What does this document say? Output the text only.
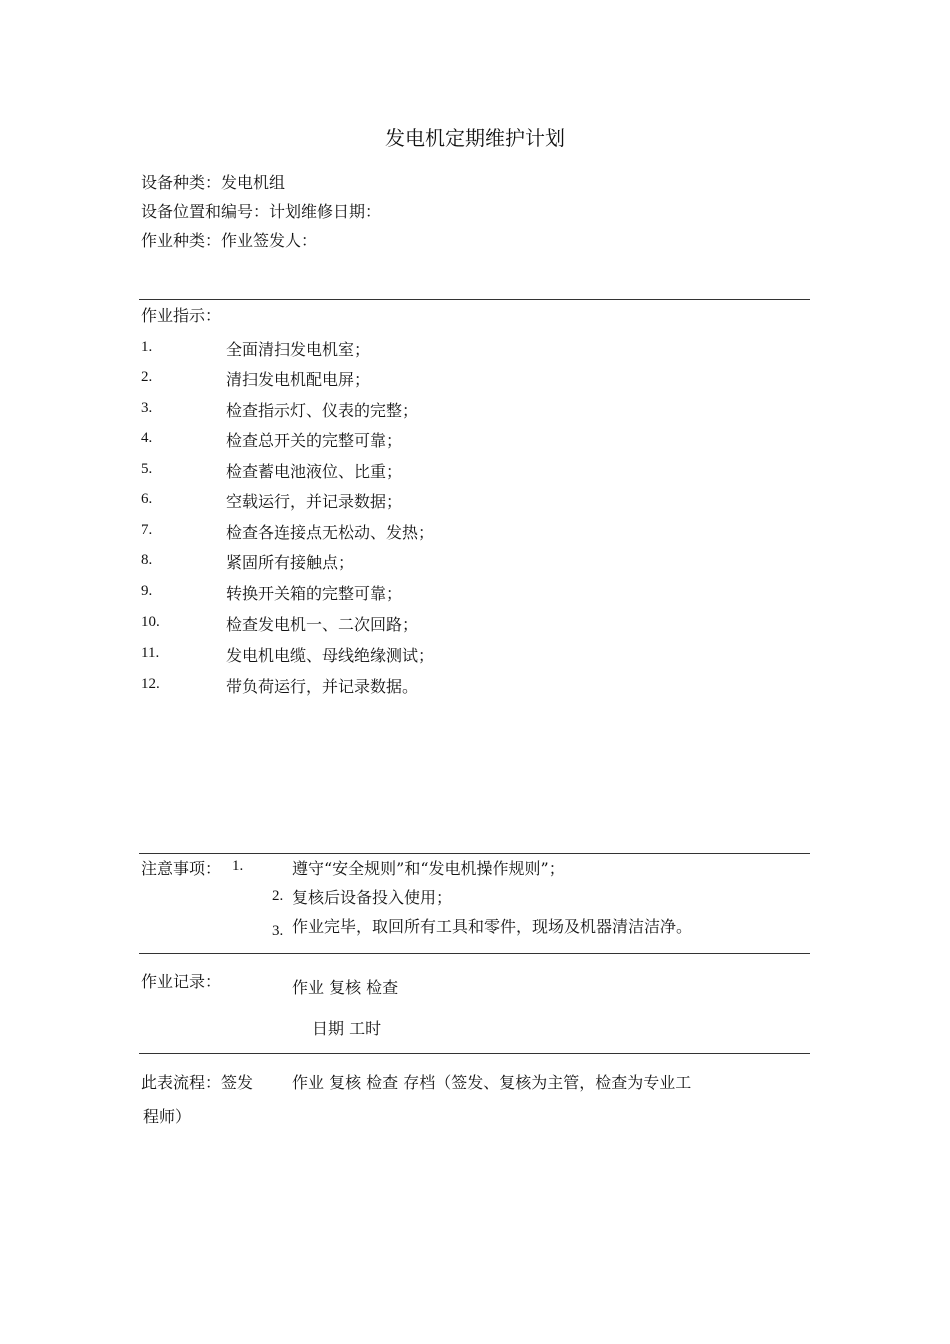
发电机定期维护计划
设备种类：发电机组
设备位置和编号：计划维修日期：
作业种类：作业签发人：
作业指示：
1.	全面清扫发电机室；
2.	清扫发电机配电屏；
3.	检查指示灯、仪表的完整；
4.	检查总开关的完整可靠；
5.	检查蓄电池液位、比重；
6.	空载运行，并记录数据；
7.	检查各连接点无松动、发热；
8.	紧固所有接触点；
9.	转换开关箱的完整可靠；
10.	检查发电机一、二次回路；
11.	发电机电缆、母线绝缘测试；
12.	带负荷运行，并记录数据。
注意事项： 1.	遵守“安全规则”和“发电机操作规则”；
2. 复核后设备投入使用；
3. 作业完毕，取回所有工具和零件，现场及机器清洁洁净。
作业记录：	作业 复核 检查
日期 工时
此表流程：签发 作业 复核 检查 存档（签发、复核为主管，检查为专业工
程师）
